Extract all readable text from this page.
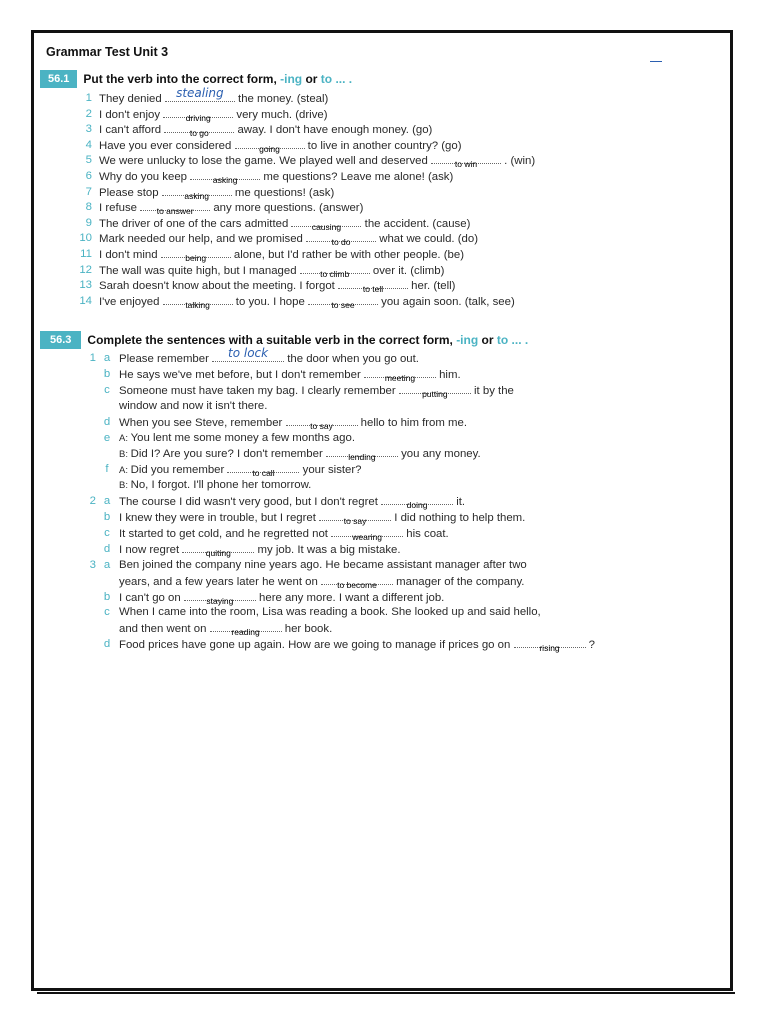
Grammar Test Unit 3
56.1	Put the verb into the correct form, -ing or to ... .
1 They denied stealing the money. (steal)
2 I don't enjoy	driving	very much. (drive)
3 I can't afford	to go	away. I don't have enough money. (go)
4 Have you ever considered	going	to live in another country? (go)
5 We were unlucky to lose the game. We played well and deserved	to win	. (win)
6 Why do you keep	asking	me questions? Leave me alone! (ask)
7 Please stop	asking	me questions! (ask)
8 I refuse	to answer	any more questions. (answer)
9 The driver of one of the cars admitted	causing	the accident. (cause)
10 Mark needed our help, and we promised	to do	what we could. (do)
11 I don't mind	being	alone, but I'd rather be with other people. (be)
12 The wall was quite high, but I managed	to climb	over it. (climb)
13 Sarah doesn't know about the meeting. I forgot	to tell	her. (tell)
14 I've enjoyed	talking	to you. I hope	to see	you again soon. (talk, see)
56.3	Complete the sentences with a suitable verb in the correct form, -ing or to ... .
1 a Please remember	to lock	the door when you go out.
b He says we've met before, but I don't remember	meeting	him.
c Someone must have taken my bag. I clearly remember	putting	it by the
window and now it isn't there.
d When you see Steve, remember	to say	hello to him from me.
e A: You lent me some money a few months ago.
B: Did I? Are you sure? I don't remember	lending	you any money.
f	A: Did you remember	to call	your sister?
B: No, I forgot. I'll phone her tomorrow.
2 a The course I did wasn't very good, but I don't regret	doing	it.
b I knew they were in trouble, but I regret	to say	I did nothing to help them.
c It started to get cold, and he regretted not	wearing	his coat.
d I now regret	quiting	my job. It was a big mistake.
3 a Ben joined the company nine years ago. He became assistant manager after two
years, and a few years later he went on	to become	manager of the company.
b I can't go on	staying	here any more. I want a different job.
c When I came into the room, Lisa was reading a book. She looked up and said hello,
and then went on	reading	her book.
d Food prices have gone up again. How are we going to manage if prices go on	rising	?
